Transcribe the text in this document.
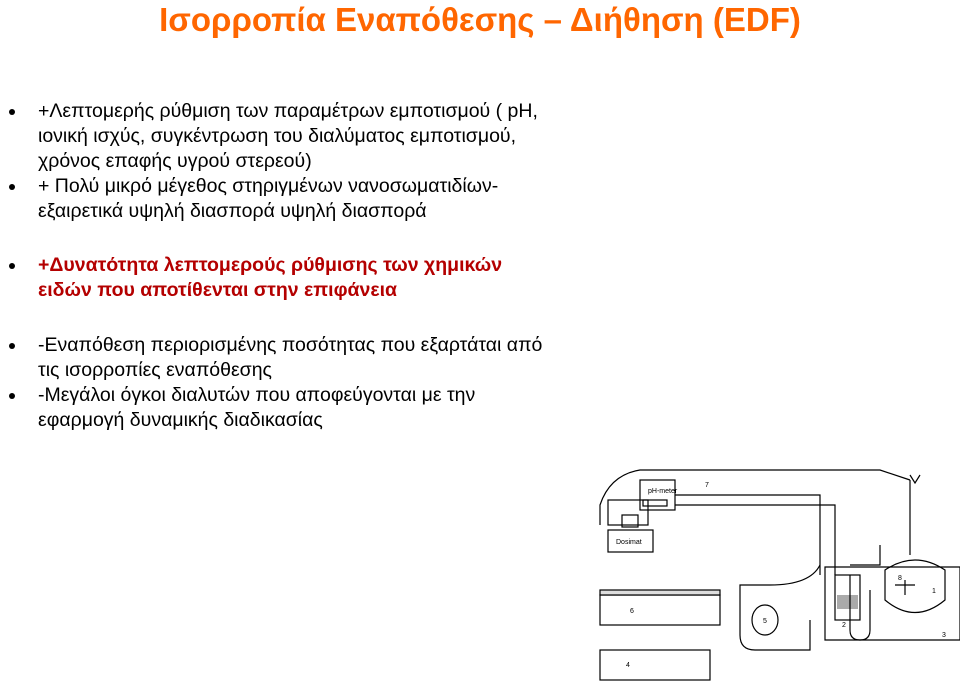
Ισορροπία Εναπόθεσης – Διήθηση (EDF)
+Λεπτομερής ρύθμιση των παραμέτρων εμποτισμού ( pH,
ιονική ισχύς, συγκέντρωση του διαλύματος εμποτισμού,
χρόνος επαφής υγρού στερεού)
+ Πολύ μικρό μέγεθος στηριγμένων νανοσωματιδίων-
εξαιρετικά υψηλή διασπορά υψηλή διασπορά
+Δυνατότητα λεπτομερούς ρύθμισης των χημικών
ειδών που αποτίθενται στην επιφάνεια
-Εναπόθεση περιορισμένης ποσότητας που εξαρτάται από
τις ισορροπίες εναπόθεσης
-Μεγάλοι όγκοι διαλυτών που αποφεύγονται με την
εφαρμογή δυναμικής διαδικασίας
pH-meter
Dosimat
7
8
6
5
2
1
3
4
